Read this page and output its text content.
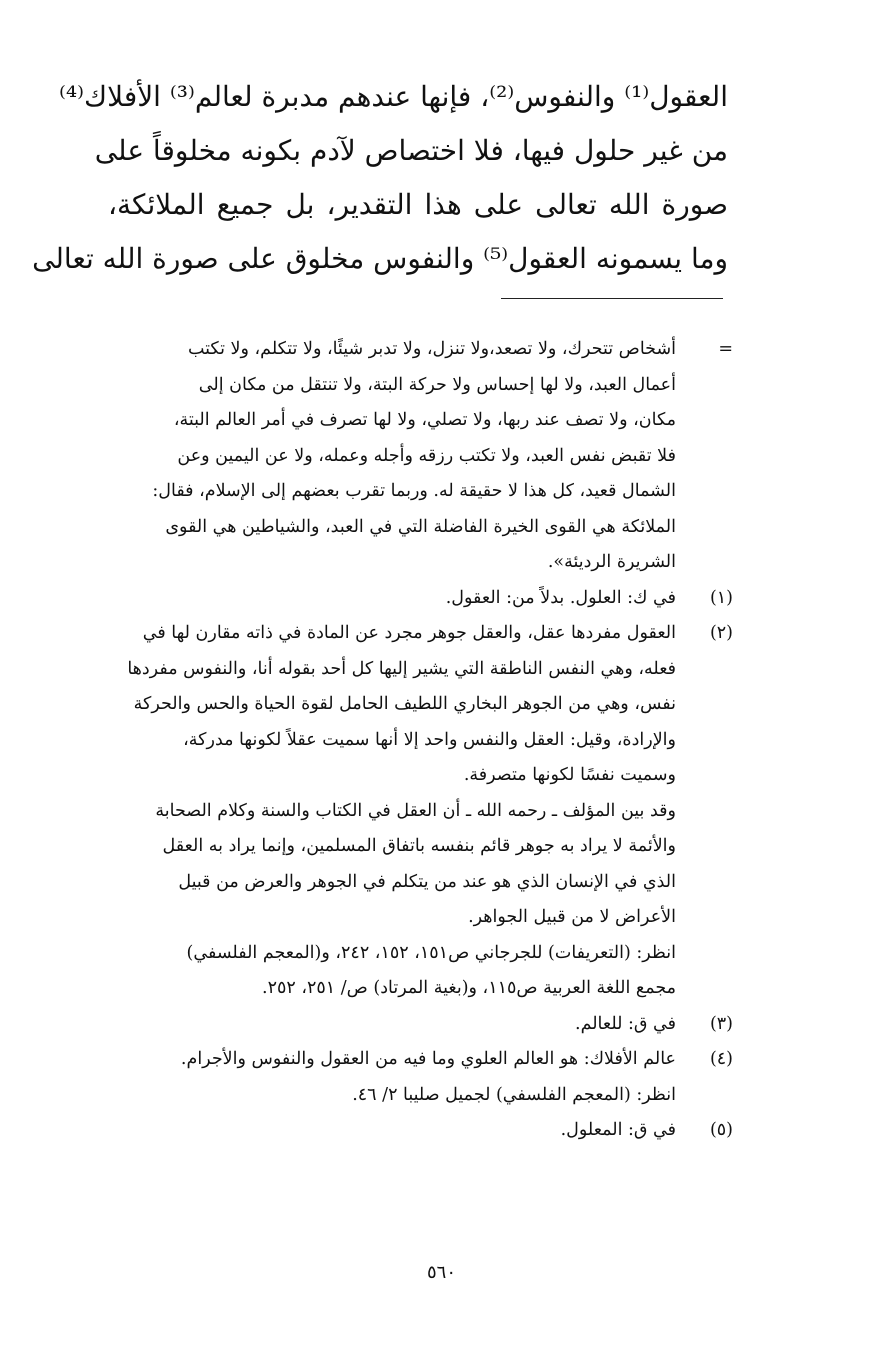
العقول⁽¹⁾ والنفوس⁽²⁾، فإنها عندهم مدبرة لعالم⁽³⁾ الأفلاك⁽⁴⁾
من غير حلول فيها، فلا اختصاص لآدم بكونه مخلوقاً على
صورة الله تعالى على هذا التقدير، بل جميع الملائكة،
وما يسمونه العقول⁽⁵⁾ والنفوس مخلوق على صورة الله تعالى
=
أشخاص تتحرك، ولا تصعد،ولا تنزل، ولا تدبر شيئًا، ولا تتكلم، ولا تكتب
أعمال العبد، ولا لها إحساس ولا حركة البتة، ولا تنتقل من مكان إلى
مكان، ولا تصف عند ربها، ولا تصلي، ولا لها تصرف في أمر العالم البتة،
فلا تقبض نفس العبد، ولا تكتب رزقه وأجله وعمله، ولا عن اليمين وعن
الشمال قعيد، كل هذا لا حقيقة له. وربما تقرب بعضهم إلى الإسلام، فقال:
الملائكة هي القوى الخيرة الفاضلة التي في العبد، والشياطين هي القوى
الشريرة الرديئة».
(١)
في ك: العلول. بدلاً من: العقول.
(٢)
العقول مفردها عقل، والعقل جوهر مجرد عن المادة في ذاته مقارن لها في
فعله، وهي النفس الناطقة التي يشير إليها كل أحد بقوله أنا، والنفوس مفردها
نفس، وهي من الجوهر البخاري اللطيف الحامل لقوة الحياة والحس والحركة
والإرادة، وقيل: العقل والنفس واحد إلا أنها سميت عقلاً لكونها مدركة،
وسميت نفسًا لكونها متصرفة.
وقد بين المؤلف ـ رحمه الله ـ أن العقل في الكتاب والسنة وكلام الصحابة
والأئمة لا يراد به جوهر قائم بنفسه باتفاق المسلمين، وإنما يراد به العقل
الذي في الإنسان الذي هو عند من يتكلم في الجوهر والعرض من قبيل
الأعراض لا من قبيل الجواهر.
انظر: (التعريفات) للجرجاني ص١٥١، ١٥٢، ٢٤٢، و(المعجم الفلسفي)
مجمع اللغة العربية ص١١٥، و(بغية المرتاد) ص/ ٢٥١، ٢٥٢.
(٣)
في ق: للعالم.
(٤)
عالم الأفلاك: هو العالم العلوي وما فيه من العقول والنفوس والأجرام.
انظر: (المعجم الفلسفي) لجميل صليبا ٢/ ٤٦.
(٥)
في ق: المعلول.
٥٦٠
